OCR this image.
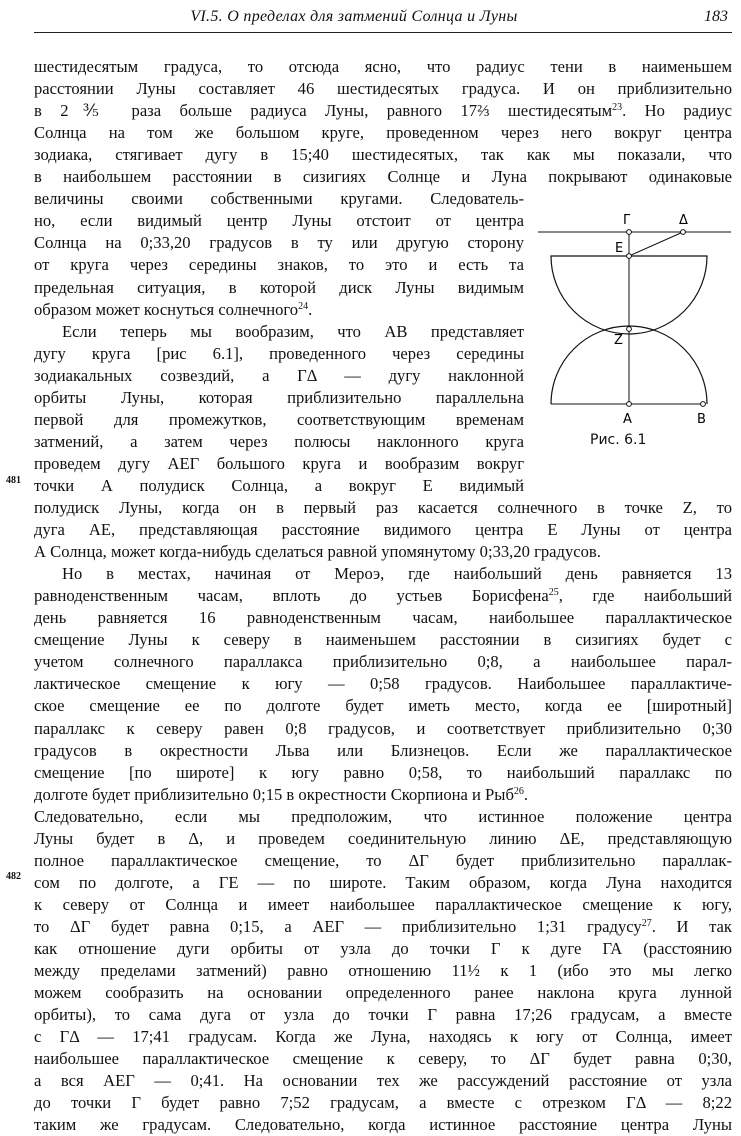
VI.5. О пределах для затмений Солнца и Луны	183
шестидесятым градуса, то отсюда ясно, что радиус тени в наименьшем
расстоянии Луны составляет 46 шестидесятых градуса. И он приблизительно
в 2⅗ раза больше радиуса Луны, равного 17⅔ шестидесятым$^{23}$. Но радиус
Солнца на том же большом круге, проведенном через него вокруг центра
зодиака, стягивает дугу в 15;40 шестидесятых, так как мы показали, что
в наибольшем расстоянии в сизигиях Солнце и Луна покрывают одинаковые
величины своими собственными кругами. Следователь-
но, если видимый центр Луны отстоит от центра
Солнца на 0;33,20 градусов в ту или другую сторону
от круга через середины знаков, то это и есть та
предельная ситуация, в которой диск Луны видимым
образом может коснуться солнечного$^{24}$.
Если теперь мы вообразим, что АВ представляет
дугу круга [рис 6.1], проведенного через середины
зодиакальных созвездий, а ГΔ — дугу наклонной
орбиты Луны, которая приблизительно параллельна
первой для промежутков, соответствующим временам
затмений, а затем через полюсы наклонного круга
проведем дугу АЕГ большого круга и вообразим вокруг
точки А полудиск Солнца, а вокруг Е видимый
полудиск Луны, когда он в первый раз касается солнечного в точке Z, то
дуга АЕ, представляющая расстояние видимого центра Е Луны от центра
А Солнца, может когда-нибудь сделаться равной упомянутому 0;33,20 градусов.
Но в местах, начиная от Мероэ, где наибольший день равняется 13
равноденственным часам, вплоть до устьев Борисфена$^{25}$, где наибольший
день равняется 16 равноденственным часам, наибольшее параллактическое
смещение Луны к северу в наименьшем расстоянии в сизигиях будет с
учетом солнечного параллакса приблизительно 0;8, а наибольшее парал-
лактическое смещение к югу — 0;58 градусов. Наибольшее параллактиче-
ское смещение ее по долготе будет иметь место, когда ее [широтный]
параллакс к северу равен 0;8 градусов, и соответствует приблизительно 0;30
градусов в окрестности Льва или Близнецов. Если же параллактическое
смещение [по широте] к югу равно 0;58, то наибольший параллакс по
долготе будет приблизительно 0;15 в окрестности Скорпиона и Рыб$^{26}$.
Следовательно, если мы предположим, что истинное положение центра
Луны будет в Δ, и проведем соединительную линию ΔЕ, представляющую
полное параллактическое смещение, то ΔГ будет приблизительно параллак-
сом по долготе, а ГЕ — по широте. Таким образом, когда Луна находится
к северу от Солнца и имеет наибольшее параллактическое смещение к югу,
то ΔГ будет равна 0;15, а АЕГ — приблизительно 1;31 градусу$^{27}$. И так
как отношение дуги орбиты от узла до точки Г к дуге ГА (расстоянию
между пределами затмений) равно отношению 11½ к 1 (ибо это мы легко
можем сообразить на основании определенного ранее наклона круга лунной
орбиты), то сама дуга от узла до точки Г равна 17;26 градусам, а вместе
с ГΔ — 17;41 градусам. Когда же Луна, находясь к югу от Солнца, имеет
наибольшее параллактическое смещение к северу, то ΔГ будет равна 0;30,
а вся АЕГ — 0;41. На основании тех же рассуждений расстояние от узла
до точки Г будет равно 7;52 градусам, а вместе с отрезком ГΔ — 8;22
таким же градусам. Следовательно, когда истинное расстояние центра Луны
481
482
Г	Δ
Е
Z
А	В
Рис. 6.1
